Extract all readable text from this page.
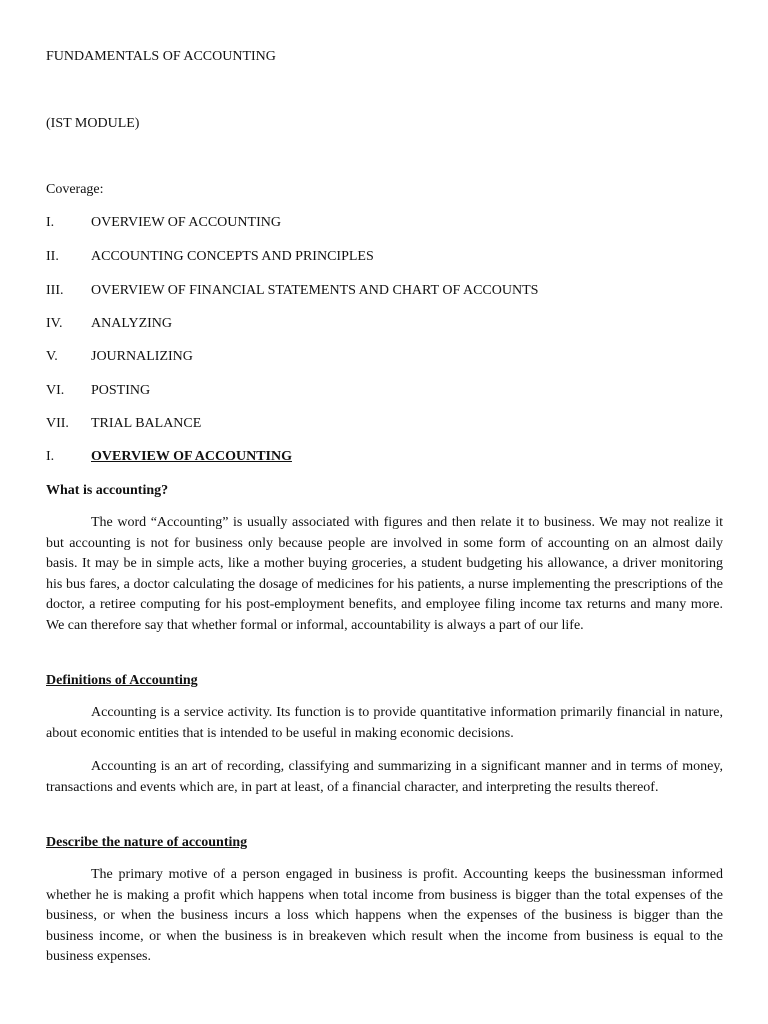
FUNDAMENTALS OF ACCOUNTING
(IST MODULE)
Coverage:
I.	OVERVIEW OF ACCOUNTING
II. ACCOUNTING CONCEPTS AND PRINCIPLES
III. OVERVIEW OF FINANCIAL STATEMENTS AND CHART OF ACCOUNTS
IV. ANALYZING
V. JOURNALIZING
VI. POSTING
VII. TRIAL BALANCE
I.	OVERVIEW OF ACCOUNTING
What is accounting?

The word “Accounting” is usually associated with figures and then relate it to business. We may not realize it but accounting is not for business only because people are involved in some form of accounting on an almost daily basis. It may be in simple acts, like a mother buying groceries, a student budgeting his allowance, a driver monitoring his bus fares, a doctor calculating the dosage of medicines for his patients, a nurse implementing the prescriptions of the doctor, a retiree computing for his post-employment benefits, and employee filing income tax returns and many more. We can therefore say that whether formal or informal, accountability is always a part of our life.

Definitions of Accounting

Accounting is a service activity. Its function is to provide quantitative information primarily financial in nature, about economic entities that is intended to be useful in making economic decisions.

Accounting is an art of recording, classifying and summarizing in a significant manner and in terms of money, transactions and events which are, in part at least, of a financial character, and interpreting the results thereof.

Describe the nature of accounting

The primary motive of a person engaged in business is profit. Accounting keeps the businessman informed whether he is making a profit which happens when total income from business is bigger than the total expenses of the business, or when the business incurs a loss which happens when the expenses of the business is bigger than the business income, or when the business is in breakeven which result when the income from business is equal to the business expenses.
